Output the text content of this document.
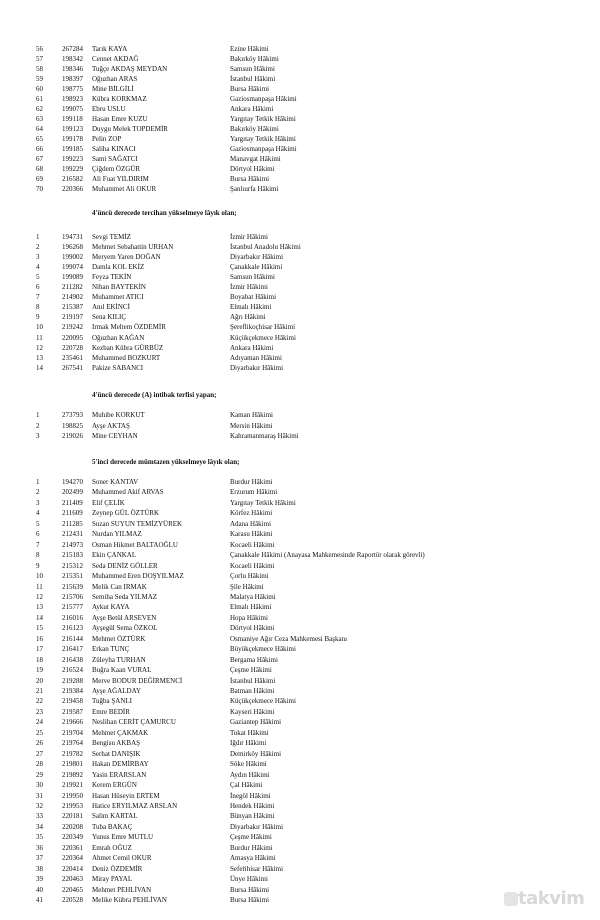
56	267284 Tarık KAYA	Ezine Hâkimi
57	198342 Cennet AKDAĞ	Bakırköy Hâkimi
58	198346 Tuğçe AKDAŞ MEYDAN	Samsun Hâkimi
59	198397 Oğuzhan ARAS	İstanbul Hâkimi
60	198775 Mine BİLGİLİ	Bursa Hâkimi
61	198923 Kübra KORKMAZ	Gaziosmanpaşa Hâkimi
62	199075 Ebru USLU	Ankara Hâkimi
63	199118 Hasan Emre KUZU	Yargıtay Tetkik Hâkimi
64	199123 Duygu Melek TOPDEMİR	Bakırköy Hâkimi
65	199178 Pelin ZOP	Yargıtay Tetkik Hâkimi
66	199185 Saliha KINACI	Gaziosmanpaşa Hâkimi
67	199223 Sami SAĞATCI	Manavgat Hâkimi
68	199229 Çiğdem ÖZGÜR	Dörtyol Hâkimi
69	216582 Ali Fuat YILDIRIM	Bursa Hâkimi
70	220366 Muhammet Ali OKUR	Şanlıurfa Hâkimi
4'üncü derecede tercihan yükselmeye lâyık olan;
1	194731 Sevgi TEMİZ	İzmir Hâkimi
2	196268 Mehmet Sebahattin URHAN	İstanbul Anadolu Hâkimi
3	199002 Meryem Yaren DOĞAN	Diyarbakır Hâkimi
4	199074 Damla KOL EKİZ	Çanakkale Hâkimi
5	199089 Feyza TEKİN	Samsun Hâkimi
6	211282 Nihan BAYTEKİN	İzmir Hâkimi
7	214902 Muhammet ATICI	Boyabat Hâkimi
8	215387 Anıl EKİNCİ	Elmalı Hâkimi
9	219197 Sena KILIÇ	Ağrı Hâkimi
10	219242 Irmak Meltem ÖZDEMİR	Şereflikoçhisar Hâkimi
11	220095 Oğuzhan KAĞAN	Küçükçekmece Hâkimi
12	220728 Kezban Kübra GÜRBÜZ	Ankara Hâkimi
13	235461 Muhammed BOZKURT	Adıyaman Hâkimi
14	267541 Pakize SABANCI	Diyarbakır Hâkimi
4'üncü derecede (A) intibak terfisi yapan;
1	273793 Muhibe KORKUT	Kaman Hâkimi
2	198825 Ayşe AKTAŞ	Mersin Hâkimi
3	219026 Mine CEYHAN	Kahramanmaraş Hâkimi
5'inci derecede mümtazen yükselmeye lâyık olan;
1	194270 Soner KANTAV	Burdur Hâkimi
2	202499 Muhammed Akif ARVAS	Erzurum Hâkimi
3	211409 Elif ÇELİK	Yargıtay Tetkik Hâkimi
4	211609 Zeynep GÜL ÖZTÜRK	Körfez Hâkimi
5	211285 Suzan SUYUN TEMİZYÜREK	Adana Hâkimi
6	212431 Nurdan YILMAZ	Karasu Hâkimi
7	214973 Osman Hikmet BALTAOĞLU	Kocaeli Hâkimi
8	215183 Ekin ÇANKAL	Çanakkale Hâkimi (Anayasa Mahkemesinde Raportör olarak görevli)
9	215312 Seda DENİZ GÖLLER	Kocaeli Hâkimi
10	215351 Muhammed Eren DOŞYILMAZ	Çorlu Hâkimi
11	215639 Melik Can IRMAK	Şile Hâkimi
12	215706 Semiha Seda YILMAZ	Malatya Hâkimi
13	215777 Aykut KAYA	Elmalı Hâkimi
14	216016 Ayşe Betül ARSEVEN	Hopa Hâkimi
15	216123 Ayşegül Sema ÖZKOL	Dörtyol Hâkimi
16	216144 Mehmet ÖZTÜRK	Osmaniye Ağır Ceza Mahkemesi Başkanı
17	216417 Erkan TUNÇ	Büyükçekmece Hâkimi
18	216438 Züleyha TURHAN	Bergama Hâkimi
19	216524 Buğra Kaan VURAL	Çeşme Hâkimi
20	219288 Merve BODUR DEĞİRMENCİ	İstanbul Hâkimi
21	219384 Ayşe AĞALDAY	Batman Hâkimi
22	219458 Tuğba ŞANLI	Küçükçekmece Hâkimi
23	219587 Emre BEDİR	Kayseri Hâkimi
24	219666 Neslihan CERİT ÇAMURCU	Gaziantep Hâkimi
25	219704 Mehmet ÇAKMAK	Tokat Hâkimi
26	219764 Bengisu AKBAŞ	Iğdır Hâkimi
27	219782 Serhat DANIŞIK	Demirköy Hâkimi
28	219801 Hakan DEMİRBAY	Söke Hâkimi
29	219892 Yasin ERARSLAN	Aydın Hâkimi
30	219921 Kerem ERGÜN	Çal Hâkimi
31	219950 Hasan Hüseyin ERTEM	İnegöl Hâkimi
32	219953 Hatice ERYILMAZ ARSLAN	Hendek Hâkimi
33	220181 Salim KARTAL	Bünyan Hâkimi
34	220208 Tuba BAKAÇ	Diyarbakır Hâkimi
35	220349 Yunus Emre MUTLU	Çeşme Hâkimi
36	220361 Emrah OĞUZ	Burdur Hâkimi
37	220364 Ahmet Cemil OKUR	Amasya Hâkimi
38	220414 Deniz ÖZDEMİR	Sefer̀ihisar Hâkimi
39	220463 Miray PAYAL	Ünye Hâkimi
40	220465 Mehmet PEHLİVAN	Bursa Hâkimi
41	220528 Melike Kübra PEHLİVAN	Bursa Hâkimi	takvim
